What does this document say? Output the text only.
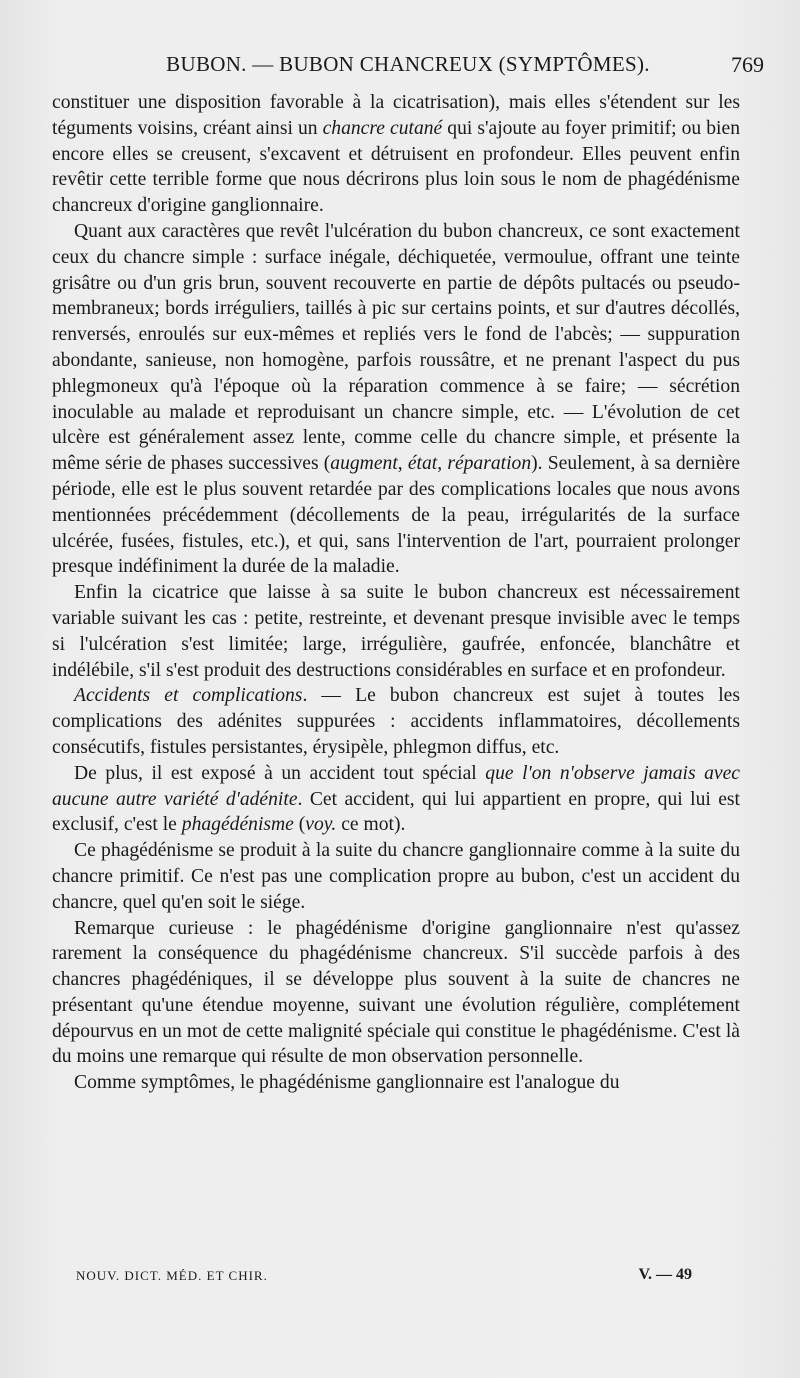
BUBON. — BUBON CHANCREUX (SYMPTÔMES).	769

constituer une disposition favorable à la cicatrisation), mais elles s'étendent sur les téguments voisins, créant ainsi un chancre cutané qui s'ajoute au foyer primitif; ou bien encore elles se creusent, s'excavent et détruisent en profondeur. Elles peuvent enfin revêtir cette terrible forme que nous décrirons plus loin sous le nom de phagédénisme chancreux d'origine ganglionnaire.

Quant aux caractères que revêt l'ulcération du bubon chancreux, ce sont exactement ceux du chancre simple : surface inégale, déchiquetée, vermoulue, offrant une teinte grisâtre ou d'un gris brun, souvent recouverte en partie de dépôts pultacés ou pseudo-membraneux; bords irréguliers, taillés à pic sur certains points, et sur d'autres décollés, renversés, enroulés sur eux-mêmes et repliés vers le fond de l'abcès; — suppuration abondante, sanieuse, non homogène, parfois roussâtre, et ne prenant l'aspect du pus phlegmoneux qu'à l'époque où la réparation commence à se faire; — sécrétion inoculable au malade et reproduisant un chancre simple, etc. — L'évolution de cet ulcère est généralement assez lente, comme celle du chancre simple, et présente la même série de phases successives (augment, état, réparation). Seulement, à sa dernière période, elle est le plus souvent retardée par des complications locales que nous avons mentionnées précédemment (décollements de la peau, irrégularités de la surface ulcérée, fusées, fistules, etc.), et qui, sans l'intervention de l'art, pourraient prolonger presque indéfiniment la durée de la maladie.

Enfin la cicatrice que laisse à sa suite le bubon chancreux est nécessairement variable suivant les cas : petite, restreinte, et devenant presque invisible avec le temps si l'ulcération s'est limitée; large, irrégulière, gaufrée, enfoncée, blanchâtre et indélébile, s'il s'est produit des destructions considérables en surface et en profondeur.

Accidents et complications. — Le bubon chancreux est sujet à toutes les complications des adénites suppurées : accidents inflammatoires, décollements consécutifs, fistules persistantes, érysipèle, phlegmon diffus, etc.

De plus, il est exposé à un accident tout spécial que l'on n'observe jamais avec aucune autre variété d'adénite. Cet accident, qui lui appartient en propre, qui lui est exclusif, c'est le phagédénisme (voy. ce mot).

Ce phagédénisme se produit à la suite du chancre ganglionnaire comme à la suite du chancre primitif. Ce n'est pas une complication propre au bubon, c'est un accident du chancre, quel qu'en soit le siége.

Remarque curieuse : le phagédénisme d'origine ganglionnaire n'est qu'assez rarement la conséquence du phagédénisme chancreux. S'il succède parfois à des chancres phagédéniques, il se développe plus souvent à la suite de chancres ne présentant qu'une étendue moyenne, suivant une évolution régulière, complétement dépourvus en un mot de cette malignité spéciale qui constitue le phagédénisme. C'est là du moins une remarque qui résulte de mon observation personnelle.

Comme symptômes, le phagédénisme ganglionnaire est l'analogue du

NOUV. DICT. MÉD. ET CHIR.	V. — 49
